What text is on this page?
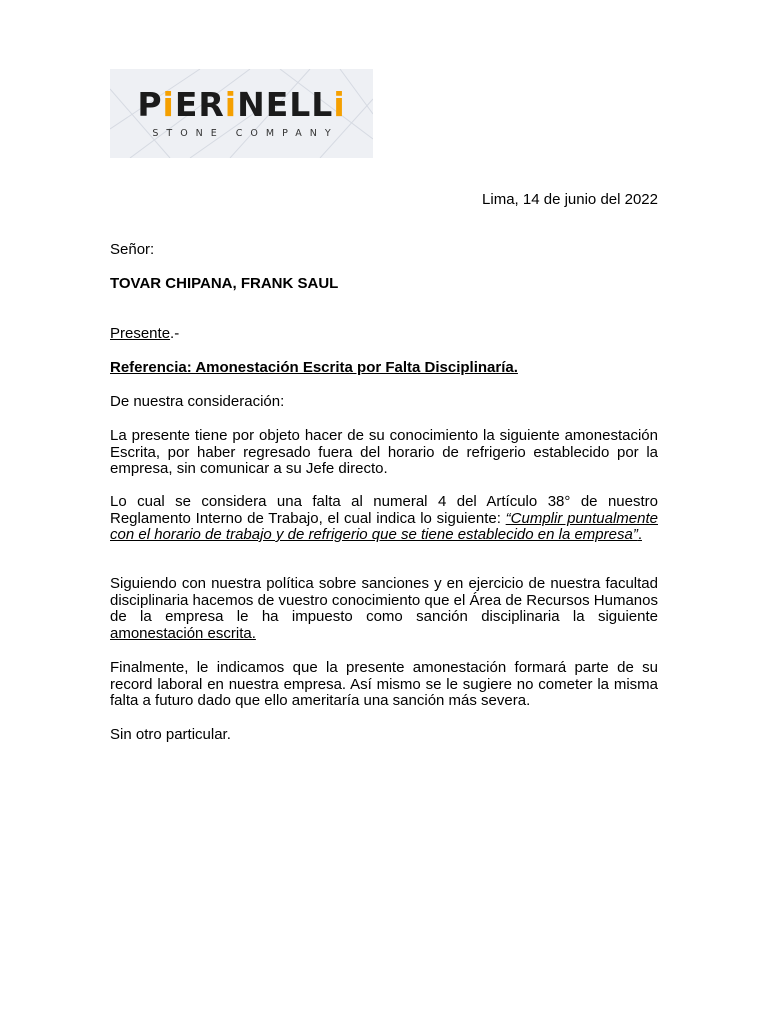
PiERiNELLi
STONE COMPANY
Lima, 14 de junio del 2022
Señor:
TOVAR CHIPANA, FRANK SAUL
Presente.-
Referencia: Amonestación Escrita por Falta Disciplinaría.
De nuestra consideración:
La presente tiene por objeto hacer de su conocimiento la siguiente amonestación Escrita, por haber regresado fuera del horario de refrigerio establecido por la empresa, sin comunicar a su Jefe directo.
Lo cual se considera una falta al numeral 4 del Artículo 38° de nuestro Reglamento Interno de Trabajo, el cual indica lo siguiente: “Cumplir puntualmente con el horario de trabajo y de refrigerio que se tiene establecido en la empresa”.
Siguiendo con nuestra política sobre sanciones y en ejercicio de nuestra facultad disciplinaria hacemos de vuestro conocimiento que el Área de Recursos Humanos de la empresa le ha impuesto como sanción disciplinaria la siguiente amonestación escrita.
Finalmente, le indicamos que la presente amonestación formará parte de su record laboral en nuestra empresa. Así mismo se le sugiere no cometer la misma falta a futuro dado que ello ameritaría una sanción más severa.
Sin otro particular.
